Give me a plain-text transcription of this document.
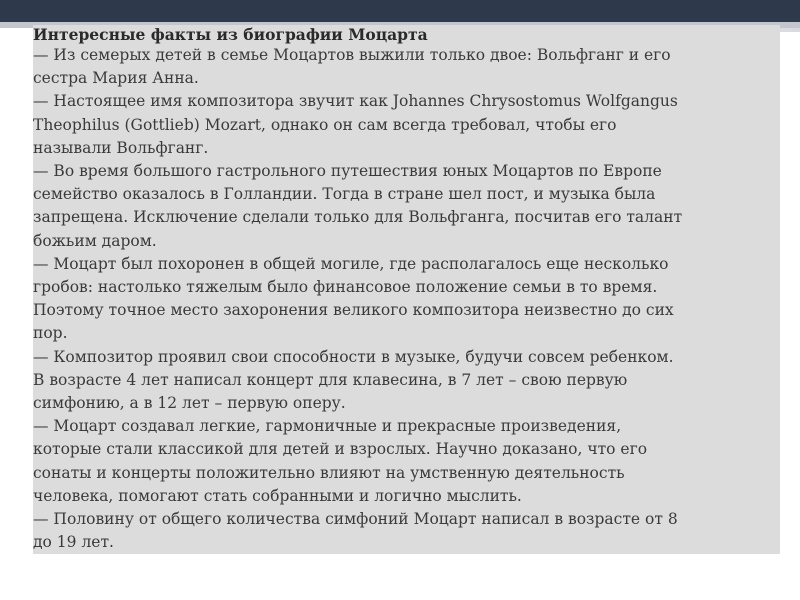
Интересные факты из биографии Моцарта

— Из семерых детей в семье Моцартов выжили только двое: Вольфганг и его

сестра Мария Анна.

— Настоящее имя композитора звучит как Johannes Chrysostomus Wolfgangus

Theophilus (Gottlieb) Mozart, однако он сам всегда требовал, чтобы его

называли Вольфганг.

— Во время большого гастрольного путешествия юных Моцартов по Европе

семейство оказалось в Голландии. Тогда в стране шел пост, и музыка была

запрещена. Исключение сделали только для Вольфганга, посчитав его талант

божьим даром.

— Моцарт был похоронен в общей могиле, где располагалось еще несколько

гробов: настолько тяжелым было финансовое положение семьи в то время.

Поэтому точное место захоронения великого композитора неизвестно до сих

пор.

— Композитор проявил свои способности в музыке, будучи совсем ребенком.

В возрасте 4 лет написал концерт для клавесина, в 7 лет – свою первую

симфонию, а в 12 лет – первую оперу.

— Моцарт создавал легкие, гармоничные и прекрасные произведения,

которые стали классикой для детей и взрослых. Научно доказано, что его

сонаты и концерты положительно влияют на умственную деятельность

человека, помогают стать собранными и логично мыслить.

— Половину от общего количества симфоний Моцарт написал в возрасте от 8

до 19 лет.
